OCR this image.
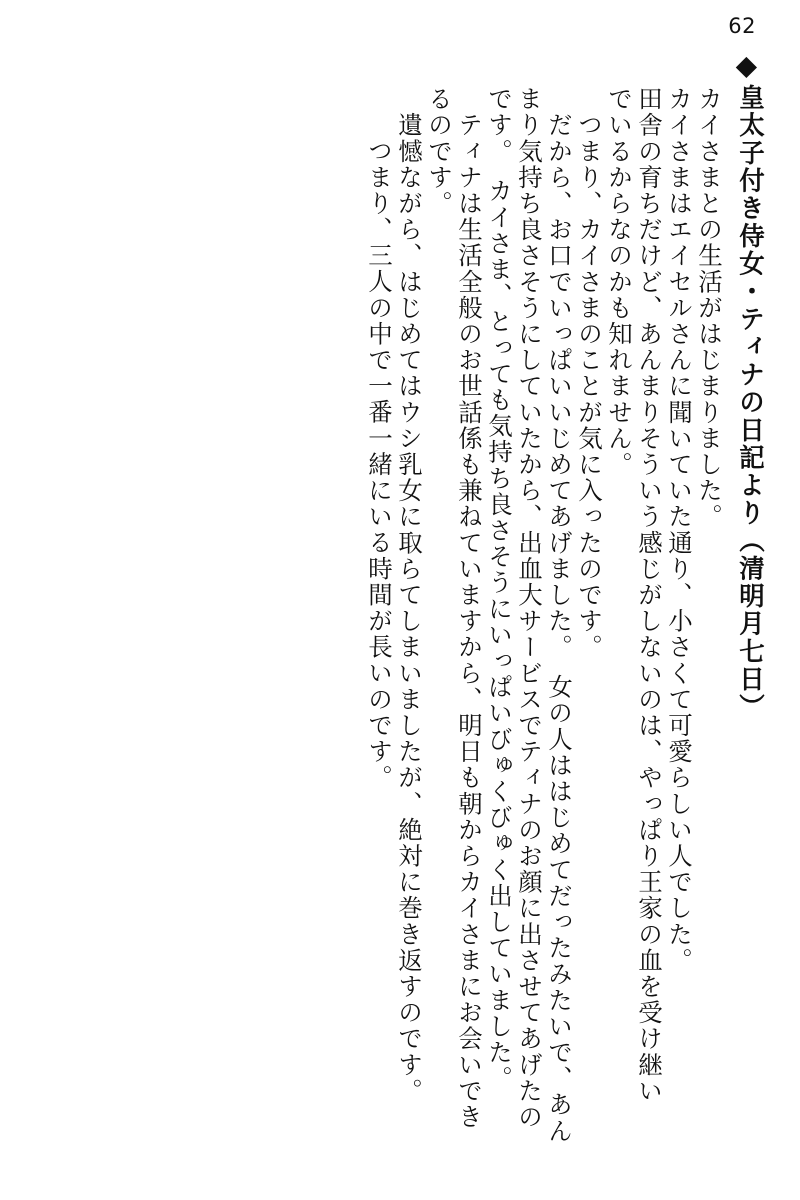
62
皇太子付き侍女・ティナの日記より（清明月七日）
カイさまとの生活がはじまりました。
カイさまはエイセルさんに聞いていた通り、小さくて可愛らしい人でした。
田舎の育ちだけど、あんまりそういう感じがしないのは、やっぱり王家の血を受け継い
でいるからなのかも知れません。
　つまり、カイさまのことが気に入ったのです。
　だから、お口でいっぱいいじめてあげました。　女の人ははじめてだったみたいで、あん
まり気持ち良さそうにしていたから、出血大サービスでティナのお顔に出させてあげたの
です。　カイさま、とっても気持ち良さそうにいっぱいびゅくびゅく出していました。
　ティナは生活全般のお世話係も兼ねていますから、明日も朝からカイさまにお会いでき
るのです。
　遺憾ながら、はじめてはウシ乳女に取らてしまいましたが、絶対に巻き返すのです。
　つまり、三人の中で一番一緒にいる時間が長いのです。
